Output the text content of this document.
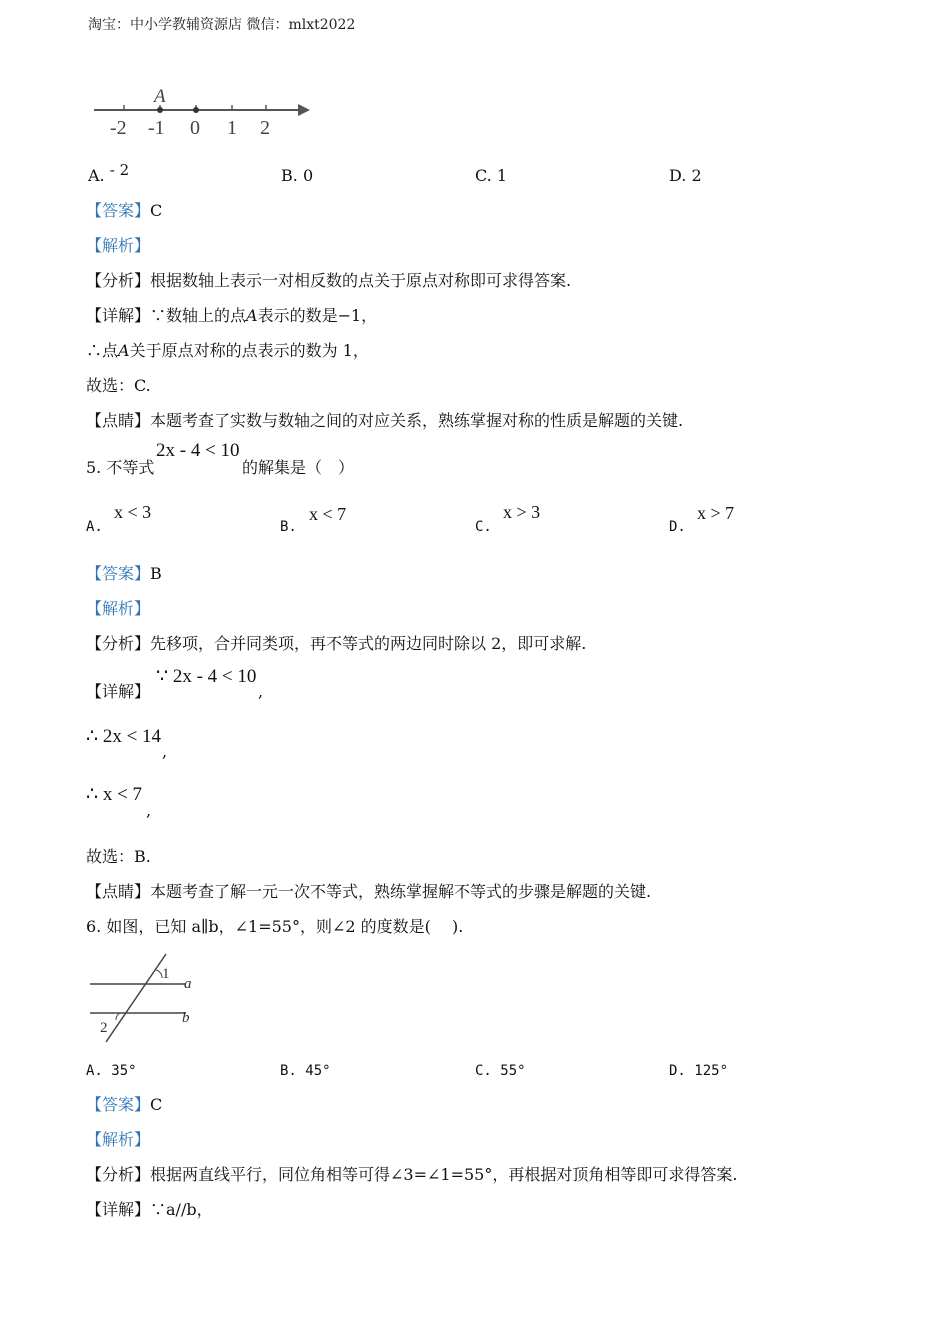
淘宝：中小学教辅资源店 微信：mlxt2022
A
-2 -1 0 1 2
A. - 2	B. 0	C. 1	D. 2
【答案】C
【解析】
【分析】根据数轴上表示一对相反数的点关于原点对称即可求得答案.
【详解】∵数轴上的点A表示的数是−1，
∴点A关于原点对称的点表示的数为 1，
故选：C.
【点睛】本题考查了实数与数轴之间的对应关系，熟练掌握对称的性质是解题的关键.
5. 不等式
2x - 4 < 10
的解集是（　）
A.
x < 3
B.
x < 7
C.
x > 3
D.
x > 7
【答案】B
【解析】
【分析】先移项，合并同类项，再不等式的两边同时除以 2，即可求解.
【详解】
∵ 2x - 4 < 10
,
∴ 2x < 14
,
∴ x < 7
,
故选：B.
【点睛】本题考查了解一元一次不等式，熟练掌握解不等式的步骤是解题的关键.
6. 如图，已知 a∥b，∠1=55°，则∠2 的度数是(　 ).
1
2
a
b
A. 35°	B. 45°	C. 55°	D. 125°
【答案】C
【解析】
【分析】根据两直线平行，同位角相等可得∠3=∠1=55°，再根据对顶角相等即可求得答案.
【详解】∵a//b，
